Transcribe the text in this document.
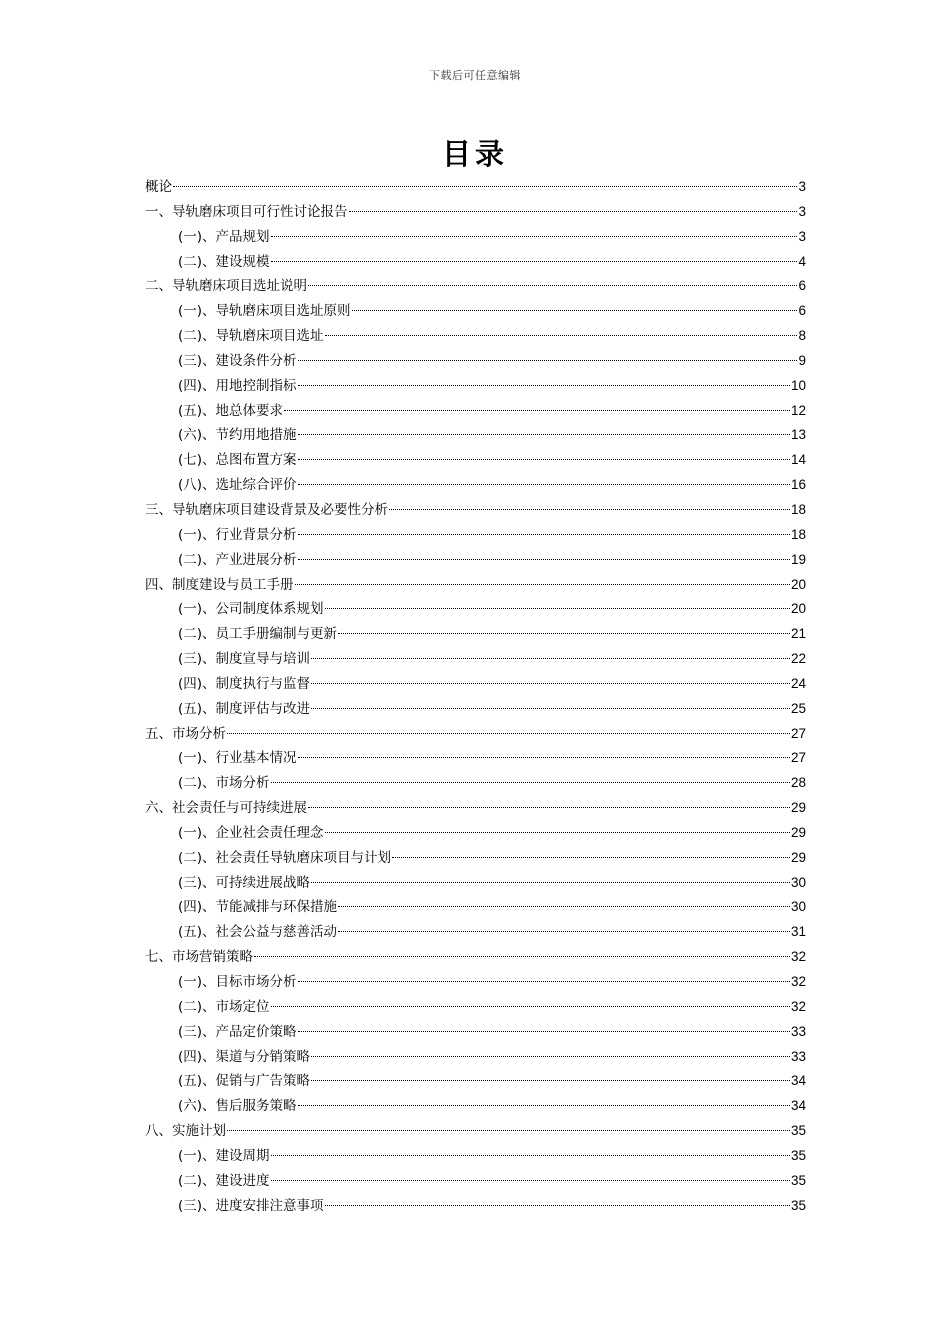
下载后可任意编辑
目录
概论	3
一、导轨磨床项目可行性讨论报告	3
(一)、产品规划	3
(二)、建设规模	4
二、导轨磨床项目选址说明	6
(一)、导轨磨床项目选址原则	6
(二)、导轨磨床项目选址	8
(三)、建设条件分析	9
(四)、用地控制指标	10
(五)、地总体要求	12
(六)、节约用地措施	13
(七)、总图布置方案	14
(八)、选址综合评价	16
三、导轨磨床项目建设背景及必要性分析	18
(一)、行业背景分析	18
(二)、产业进展分析	19
四、制度建设与员工手册	20
(一)、公司制度体系规划	20
(二)、员工手册编制与更新	21
(三)、制度宣导与培训	22
(四)、制度执行与监督	24
(五)、制度评估与改进	25
五、市场分析	27
(一)、行业基本情况	27
(二)、市场分析	28
六、社会责任与可持续进展	29
(一)、企业社会责任理念	29
(二)、社会责任导轨磨床项目与计划	29
(三)、可持续进展战略	30
(四)、节能减排与环保措施	30
(五)、社会公益与慈善活动	31
七、市场营销策略	32
(一)、目标市场分析	32
(二)、市场定位	32
(三)、产品定价策略	33
(四)、渠道与分销策略	33
(五)、促销与广告策略	34
(六)、售后服务策略	34
八、实施计划	35
(一)、建设周期	35
(二)、建设进度	35
(三)、进度安排注意事项	35
